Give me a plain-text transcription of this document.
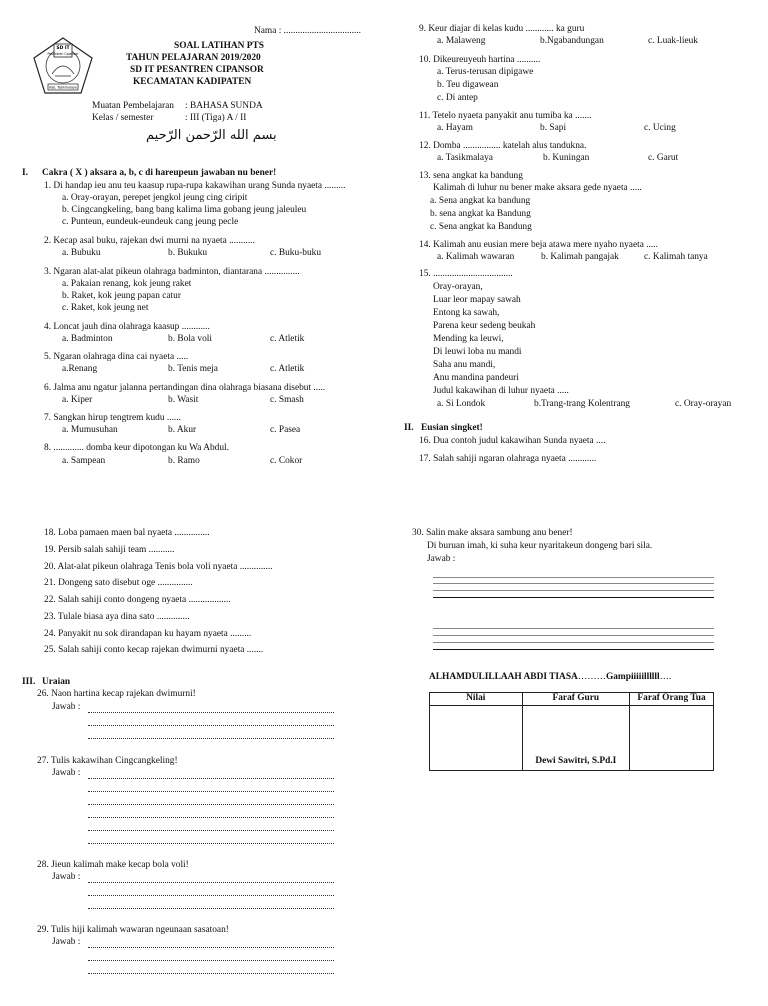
Nama : .................................
SD IT
Pesantren Cipansor
Kab. Tasikmalaya
SOAL LATIHAN PTS
TAHUN PELAJARAN 2019/2020
SD IT PESANTREN CIPANSOR
KECAMATAN KADIPATEN
Muatan Pembelajaran : BAHASA SUNDA
Kelas / semester	: III (Tiga) A / II
بسم الله الرّحمن الرّحيم
I. Cakra ( X ) aksara a, b, c di hareupeun jawaban nu bener!
1. Di handap ieu anu teu kaasup rupa-rupa kakawihan urang Sunda nyaeta .........
a. Oray-orayan, perepet jengkol jeung cing ciripit
b. Cingcangkeling, bang bang kalima lima gobang jeung jaleuleu
c. Punteun, eundeuk-eundeuk cang jeung pecle
2. Kecap asal buku, rajekan dwi murni na nyaeta ...........
a. Bubuku	b. Bukuku	c. Buku-buku
3. Ngaran alat-alat pikeun olahraga badminton, diantarana ...............
a. Pakaian renang, kok jeung raket
b. Raket, kok jeung papan catur
c. Raket, kok jeung net
4. Loncat jauh dina olahraga kaasup ............
a. Badminton	b. Bola voli	c. Atletik
5. Ngaran olahraga dina cai nyaeta .....
a.Renang	b. Tenis meja	c. Atletik
6. Jalma anu ngatur jalanna pertandingan dina olahraga biasana disebut .....
a. Kiper	b. Wasit	c. Smash
7. Sangkan hirup tengtrem kudu ......
a. Mumusuhan	b. Akur	c. Pasea
8. ............. domba keur dipotongan ku Wa Abdul.
a. Sampean	b. Ramo	c. Cokor
9. Keur diajar di kelas kudu ............ ka guru
a. Malaweng	b.Ngabandungan	c. Luak-lieuk
10. Dikeureuyeuh hartina ..........
a. Terus-terusan dipigawe
b. Teu digawean
c. Di antep
11. Tetelo nyaeta panyakit anu tumiba ka .......
a. Hayam	b. Sapi	c. Ucing
12. Domba ................ katelah alus tandukna.
a. Tasikmalaya	b. Kuningan	c. Garut
13. sena angkat ka bandung
Kalimah di luhur nu bener make aksara gede nyaeta .....
a. Sena angkat ka bandung
b. sena angkat ka Bandung
c. Sena angkat ka Bandung
14. Kalimah anu eusian mere beja atawa mere nyaho nyaeta .....
a. Kalimah wawaran	b. Kalimah pangajak	c. Kalimah tanya
15. ..................................
Oray-orayan,
Luar leor mapay sawah
Entong ka sawah,
Parena keur sedeng beukah
Mending ka leuwi,
Di leuwi loba nu mandi
Saha anu mandi,
Anu mandina pandeuri
Judul kakawihan di luhur nyaeta .....
a. Si Londok	b.Trang-trang Kolentrang	c. Oray-orayan
II. Eusian singket!
16. Dua contoh judul kakawihan Sunda nyaeta ....
17. Salah sahiji ngaran olahraga nyaeta ............
18. Loba pamaen maen bal nyaeta ...............
19. Persib salah sahiji team ...........
20. Alat-alat pikeun olahraga Tenis bola voli nyaeta ..............
21. Dongeng sato disebut oge ...............
22. Salah sahiji conto dongeng nyaeta ..................
23. Tulale biasa aya dina sato ..............
24. Panyakit nu sok dirandapan ku hayam nyaeta .........
25. Salah sahiji conto kecap rajekan dwimurni nyaeta .......
III. Uraian
26. Naon hartina kecap rajekan dwimurni!
Jawab :
27. Tulis kakawihan Cingcangkeling!
Jawab :
28. Jieun kalimah make kecap bola voli!
Jawab :
29. Tulis hiji kalimah wawaran ngeunaan sasatoan!
Jawab :
30. Salin make aksara sambung anu bener!
Di buruan imah, ki suha keur nyaritakeun dongeng bari sila.
Jawab :
ALHAMDULILLAAH ABDI TIASA………Gampiiiiillllll….
Nilai	Faraf Guru	Faraf Orang Tua
	Dewi Sawitri, S.Pd.I	
